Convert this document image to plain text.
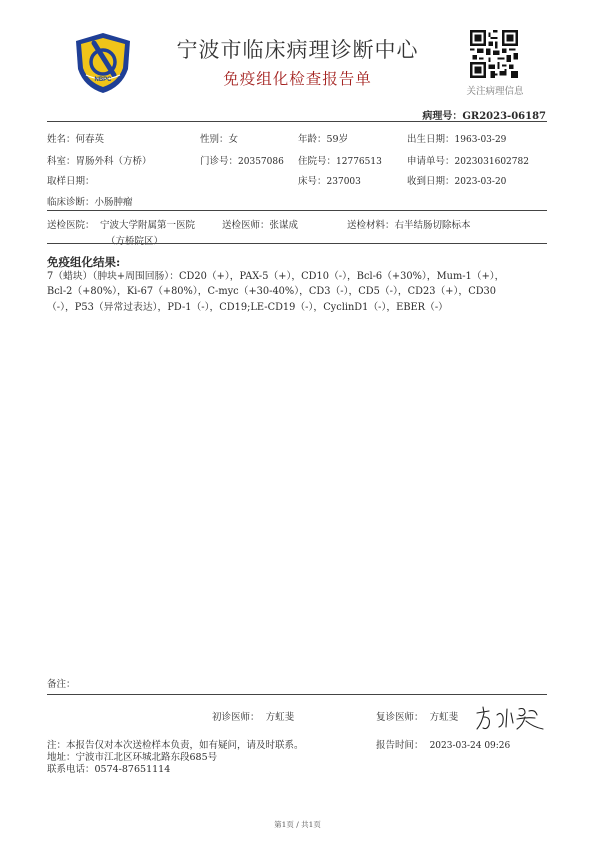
NBPC
宁波市临床病理诊断中心
免疫组化检查报告单
关注病理信息
病理号：GR2023-06187
姓名：何春英	性别：女	年龄：59岁	出生日期：1963-03-29
科室：胃肠外科（方桥）	门诊号：20357086 住院号：12776513	申请单号：2023031602782
取样日期：	床号：237003	收到日期：2023-03-20
临床诊断：小肠肿瘤
送检医院： 宁波大学附属第一医院
（方桥院区）
送检医师：张谋成	送检材料：右半结肠切除标本
免疫组化结果:
7（蜡块）（肿块+周围回肠）：CD20（+），PAX-5（+），CD10（-），Bcl-6（+30%），Mum-1（+），Bcl-2（+80%），Ki-67（+80%），C-myc（+30-40%），CD3（-），CD5（-），CD23（+），CD30（-），P53（异常过表达），PD-1（-），CD19;LE-CD19（-），CyclinD1（-），EBER（-）
备注：
初诊医师： 方虹斐	复诊医师： 方虹斐
注：本报告仅对本次送检样本负责，如有疑问，请及时联系。
地址：宁波市江北区环城北路东段685号
联系电话：0574-87651114
报告时间： 2023-03-24 09:26
第1页 / 共1页
